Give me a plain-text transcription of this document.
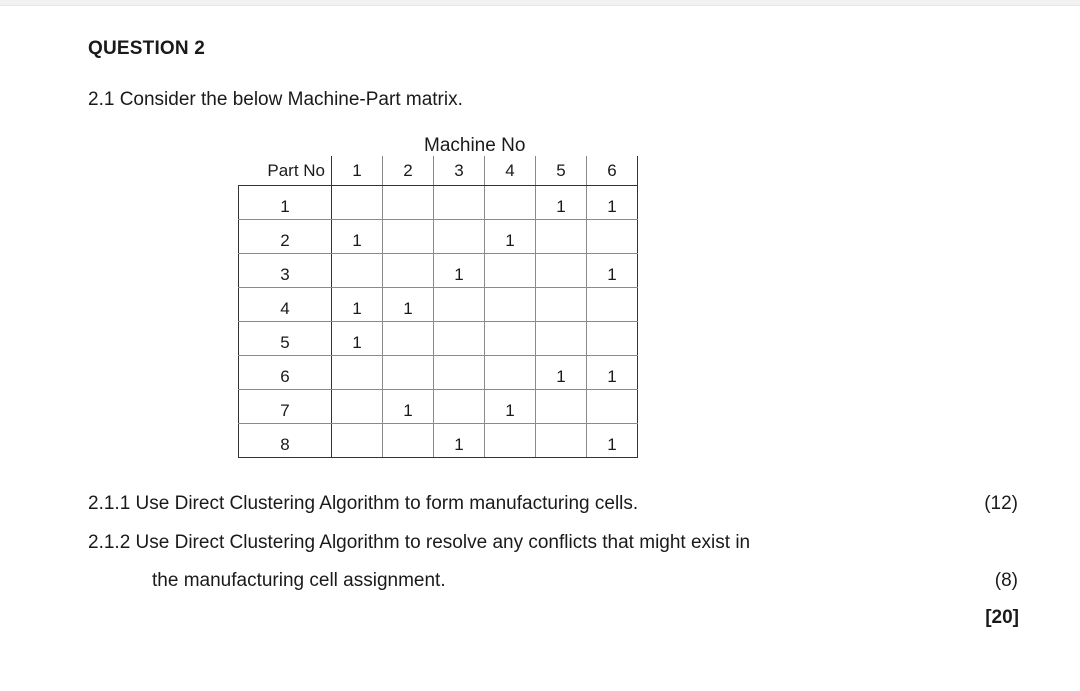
QUESTION 2
2.1 Consider the below Machine-Part matrix.
Machine No
Part No	1	2	3	4	5	6
1					1	1
2	1			1		
3			1			1
4	1	1				
5	1					
6					1	1
7		1		1		
8			1			1
2.1.1 Use Direct Clustering Algorithm to form manufacturing cells.	(12)
2.1.2 Use Direct Clustering Algorithm to resolve any conflicts that might exist in
the manufacturing cell assignment.	(8)
[20]
